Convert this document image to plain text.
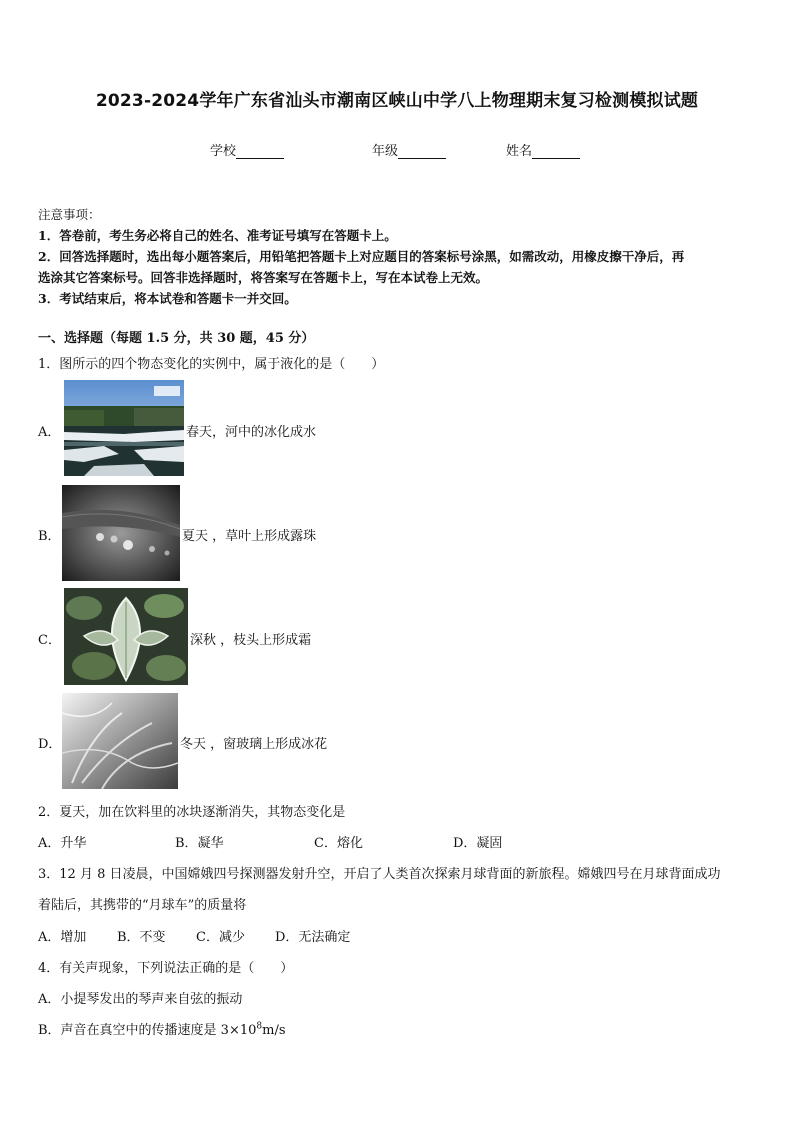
2023-2024学年广东省汕头市潮南区峡山中学八上物理期末复习检测模拟试题
学校	年级	姓名
注意事项：
1．答卷前，考生务必将自己的姓名、准考证号填写在答题卡上。
2．回答选择题时，选出每小题答案后，用铅笔把答题卡上对应题目的答案标号涂黑，如需改动，用橡皮擦干净后，再
选涂其它答案标号。回答非选择题时，将答案写在答题卡上，写在本试卷上无效。
3．考试结束后，将本试卷和答题卡一并交回。
一、选择题（每题 1.5 分，共 30 题，45 分）
1．图所示的四个物态变化的实例中，属于液化的是（　　）
A．	春天，河中的冰化成水
B．	夏天 ，草叶上形成露珠
C．	深秋 ，枝头上形成霜
D．	冬天 ，窗玻璃上形成冰花
2．夏天，加在饮料里的冰块逐渐消失，其物态变化是
A．升华	B．凝华	C．熔化	D．凝固
3．12 月 8 日凌晨，中国嫦娥四号探测器发射升空，开启了人类首次探索月球背面的新旅程。嫦娥四号在月球背面成功
着陆后，其携带的“月球车”的质量将
A．增加 B．不变 C．减少 D．无法确定
4．有关声现象，下列说法正确的是（　　）
A．小提琴发出的琴声来自弦的振动
B．声音在真空中的传播速度是 $3\times 10^8m/s$
